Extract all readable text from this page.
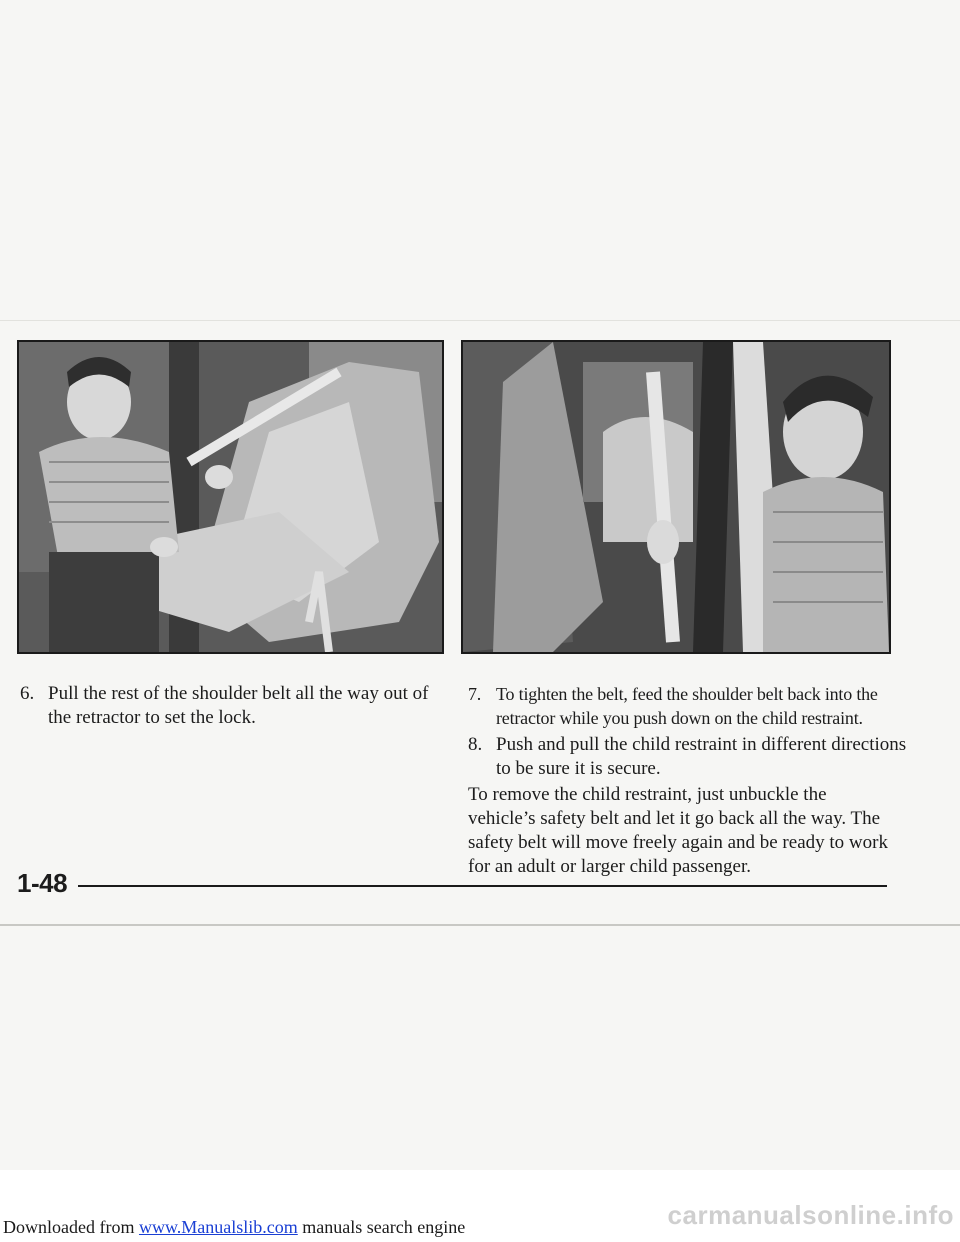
6. Pull the rest of the shoulder belt all the way out of the retractor to set the lock.
7. To tighten the belt, feed the shoulder belt back into the retractor while you push down on the child restraint.
8. Push and pull the child restraint in different directions to be sure it is secure.
To remove the child restraint, just unbuckle the vehicle’s safety belt and let it go back all the way. The safety belt will move freely again and be ready to work for an adult or larger child passenger.
1-48
Downloaded from www.Manualslib.com manuals search engine	carmanualsonline.info
